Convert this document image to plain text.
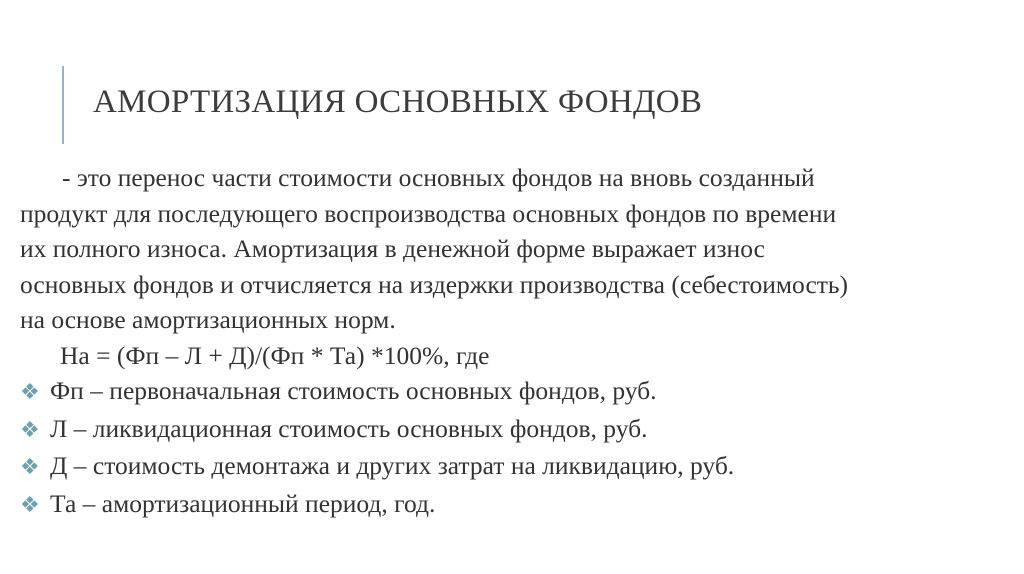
АМОРТИЗАЦИЯ ОСНОВНЫХ ФОНДОВ

- это перенос части стоимости основных фондов на вновь созданный
продукт для последующего воспроизводства основных фондов по времени
их полного износа. Амортизация в денежной форме выражает износ
основных фондов и отчисляется на издержки производства (себестоимость)
на основе амортизационных норм.

На = (Фп – Л + Д)/(Фп * Та) *100%, где

❖ Фп – первоначальная стоимость основных фондов, руб.
❖ Л – ликвидационная стоимость основных фондов, руб.
❖ Д – стоимость демонтажа и других затрат на ликвидацию, руб.
❖ Та – амортизационный период, год.
